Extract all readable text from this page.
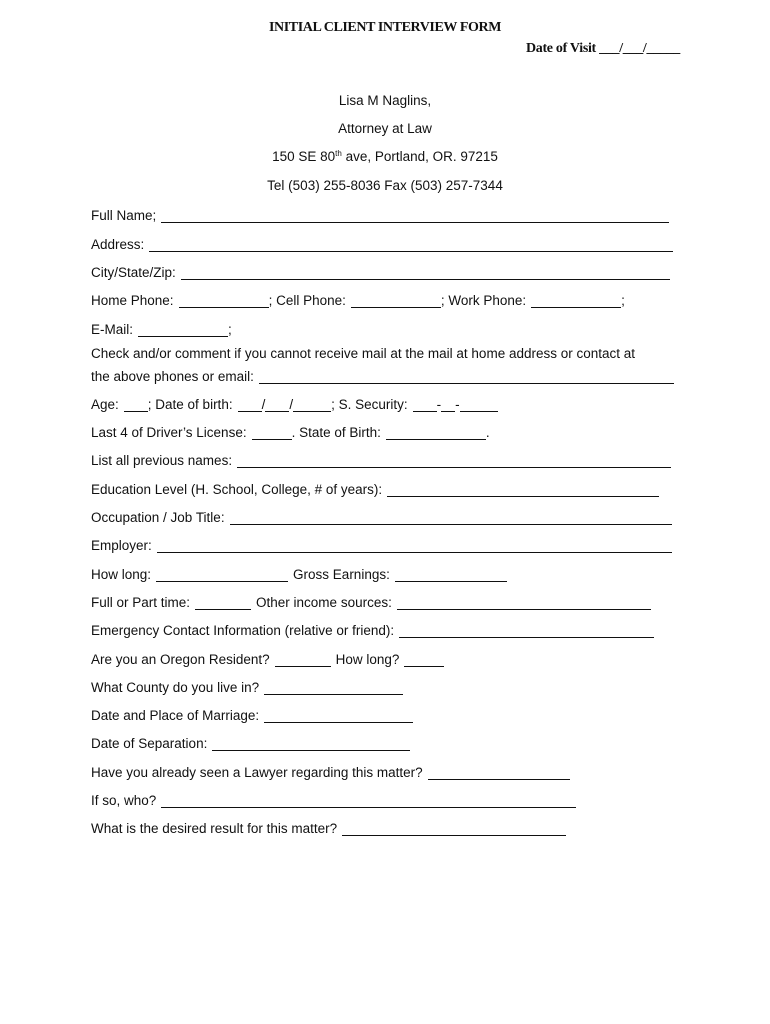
INITIAL CLIENT INTERVIEW FORM
Date of Visit ___/___/_____
Lisa M Naglins,
Attorney at Law
150 SE 80th ave, Portland, OR. 97215
Tel (503) 255-8036 Fax (503) 257-7344
Full Name;
Address:
City/State/Zip:
Home Phone:	; Cell Phone:	; Work Phone:	;
E-Mail:	;
Check and/or comment if you cannot receive mail at the mail at home address or contact at
the above phones or email:
Age: ; Date of birth: / /	; S. Security: - -
Last 4 of Driver’s License:	. State of Birth:	.
List all previous names:
Education Level (H. School, College, # of years):
Occupation / Job Title:
Employer:
How long:	Gross Earnings:
Full or Part time:	Other income sources:
Emergency Contact Information (relative or friend):
Are you an Oregon Resident?	How long?
What County do you live in?
Date and Place of Marriage:
Date of Separation:
Have you already seen a Lawyer regarding this matter?
If so, who?
What is the desired result for this matter?
